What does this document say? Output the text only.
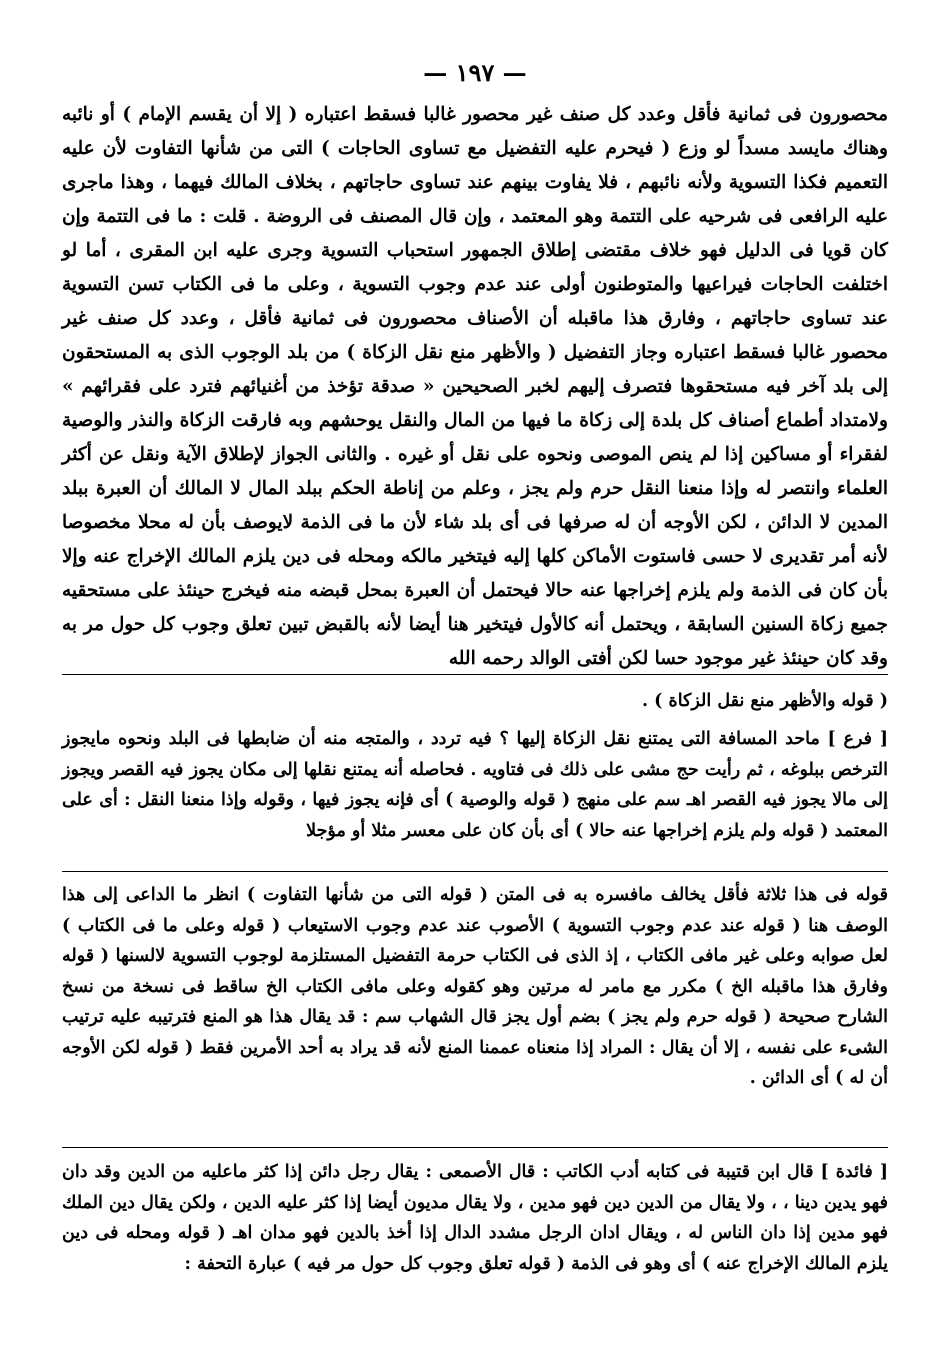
— ١٩٧ —

محصورون فى ثمانية فأقل وعدد كل صنف غير محصور غالبا فسقط اعتباره ( إلا أن يقسم الإمام ) أو نائبه وهناك مايسد مسداً لو وزع ( فيحرم عليه التفضيل مع تساوى الحاجات ) التى من شأنها التفاوت لأن عليه التعميم فكذا التسوية ولأنه نائبهم ، فلا يفاوت بينهم عند تساوى حاجاتهم ، بخلاف المالك فيهما ، وهذا ماجرى عليه الرافعى فى شرحيه على التتمة وهو المعتمد ، وإن قال المصنف فى الروضة . قلت : ما فى التتمة وإن كان قويا فى الدليل فهو خلاف مقتضى إطلاق الجمهور استحباب التسوية وجرى عليه ابن المقرى ، أما لو اختلفت الحاجات فيراعيها والمتوطنون أولى عند عدم وجوب التسوية ، وعلى ما فى الكتاب تسن التسوية عند تساوى حاجاتهم ، وفارق هذا ماقبله أن الأصناف محصورون فى ثمانية فأقل ، وعدد كل صنف غير محصور غالبا فسقط اعتباره وجاز التفضيل ( والأظهر منع نقل الزكاة ) من بلد الوجوب الذى به المستحقون إلى بلد آخر فيه مستحقوها فتصرف إليهم لخبر الصحيحين « صدقة تؤخذ من أغنيائهم فترد على فقرائهم » ولامتداد أطماع أصناف كل بلدة إلى زكاة ما فيها من المال والنقل يوحشهم وبه فارقت الزكاة والنذر والوصية لفقراء أو مساكين إذا لم ينص الموصى ونحوه على نقل أو غيره . والثانى الجواز لإطلاق الآية ونقل عن أكثر العلماء وانتصر له وإذا منعنا النقل حرم ولم يجز ، وعلم من إناطة الحكم ببلد المال لا المالك أن العبرة ببلد المدين لا الدائن ، لكن الأوجه أن له صرفها فى أى بلد شاء لأن ما فى الذمة لايوصف بأن له محلا مخصوصا لأنه أمر تقديرى لا حسى فاستوت الأماكن كلها إليه فيتخير مالكه ومحله فى دين يلزم المالك الإخراج عنه وإلا بأن كان فى الذمة ولم يلزم إخراجها عنه حالا فيحتمل أن العبرة بمحل قبضه منه فيخرج حينئذ على مستحقيه جميع زكاة السنين السابقة ، ويحتمل أنه كالأول فيتخير هنا أيضا لأنه بالقبض تبين تعلق وجوب كل حول مر به وقد كان حينئذ غير موجود حسا لكن أفتى الوالد رحمه الله

( قوله والأظهر منع نقل الزكاة ) .

[ فرع ] ماحد المسافة التى يمتنع نقل الزكاة إليها ؟ فيه تردد ، والمتجه منه أن ضابطها فى البلد ونحوه مايجوز الترخص ببلوغه ، ثم رأيت حج مشى على ذلك فى فتاويه . فحاصله أنه يمتنع نقلها إلى مكان يجوز فيه القصر ويجوز إلى مالا يجوز فيه القصر اهـ سم على منهج ( قوله والوصية ) أى فإنه يجوز فيها ، وقوله وإذا منعنا النقل : أى على المعتمد ( قوله ولم يلزم إخراجها عنه حالا ) أى بأن كان على معسر مثلا أو مؤجلا

قوله فى هذا ثلاثة فأقل يخالف مافسره به فى المتن ( قوله التى من شأنها التفاوت ) انظر ما الداعى إلى هذا الوصف هنا ( قوله عند عدم وجوب التسوية ) الأصوب عند عدم وجوب الاستيعاب ( قوله وعلى ما فى الكتاب ) لعل صوابه وعلى غير مافى الكتاب ، إذ الذى فى الكتاب حرمة التفضيل المستلزمة لوجوب التسوية لالسنها ( قوله وفارق هذا ماقبله الخ ) مكرر مع مامر له مرتين وهو كقوله وعلى مافى الكتاب الخ ساقط فى نسخة من نسخ الشارح صحيحة ( قوله حرم ولم يجز ) بضم أول يجز قال الشهاب سم : قد يقال هذا هو المنع فترتيبه عليه ترتيب الشىء على نفسه ، إلا أن يقال : المراد إذا منعناه عممنا المنع لأنه قد يراد به أحد الأمرين فقط ( قوله لكن الأوجه أن له ) أى الدائن .

[ فائدة ] قال ابن قتيبة فى كتابه أدب الكاتب : قال الأصمعى : يقال رجل دائن إذا كثر ماعليه من الدين وقد دان فهو يدين دينا ، ، ولا يقال من الدين دين فهو مدين ، ولا يقال مديون أيضا إذا كثر عليه الدين ، ولكن يقال دين الملك فهو مدين إذا دان الناس له ، ويقال ادان الرجل مشدد الدال إذا أخذ بالدين فهو مدان اهـ ( قوله ومحله فى دين يلزم المالك الإخراج عنه ) أى وهو فى الذمة ( قوله تعلق وجوب كل حول مر فيه ) عبارة التحفة :
